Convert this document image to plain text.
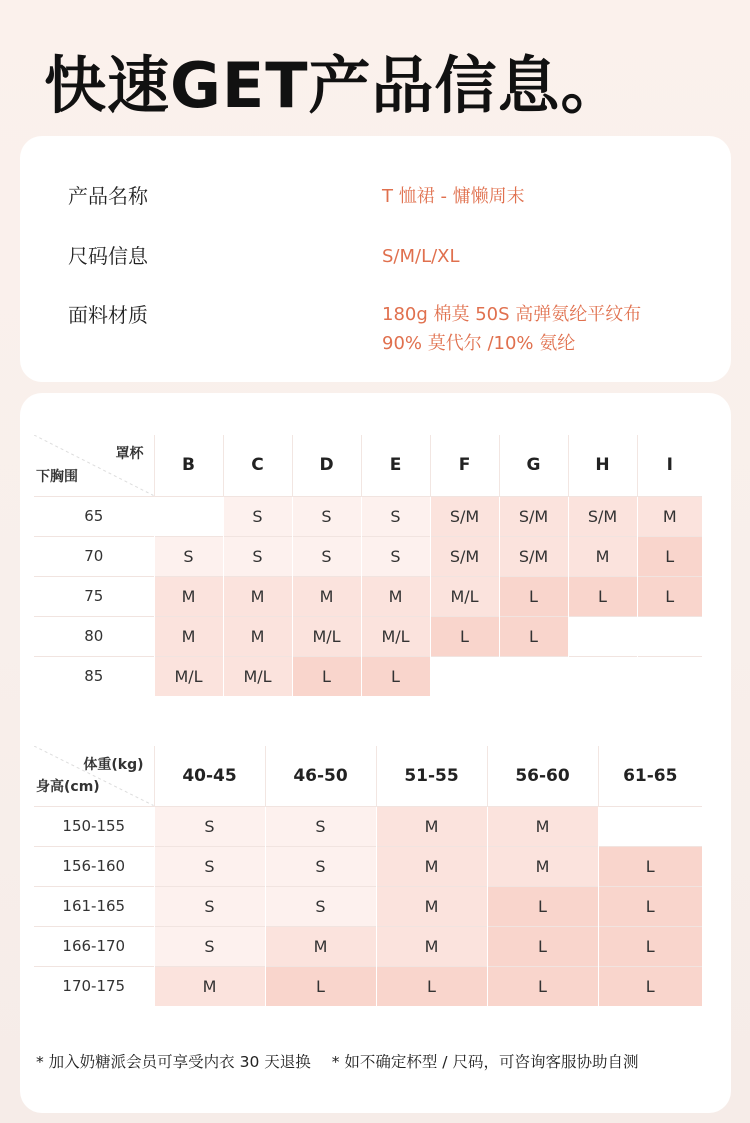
快速GET产品信息。
产品名称	T 恤裙 - 慵懒周末
尺码信息	S/M/L/XL
面料材质	180g 棉莫 50S 高弹氨纶平纹布
90% 莫代尔 /10% 氨纶
罩杯
下胸围	B	C	D	E	F	G	H	I
65		S	S	S	S/M	S/M	S/M	M
70	S	S	S	S	S/M	S/M	M	L
75	M	M	M	M	M/L	L	L	L
80	M	M	M/L	M/L	L	L		
85	M/L	M/L	L	L				
体重(kg)
身高(cm)	40-45	46-50	51-55	56-60	61-65
150-155	S	S	M	M	
156-160	S	S	M	M	L
161-165	S	S	M	L	L
166-170	S	M	M	L	L
170-175	M	L	L	L	L
* 加入奶糖派会员可享受内衣 30 天退换 * 如不确定杯型 / 尺码，可咨询客服协助自测
